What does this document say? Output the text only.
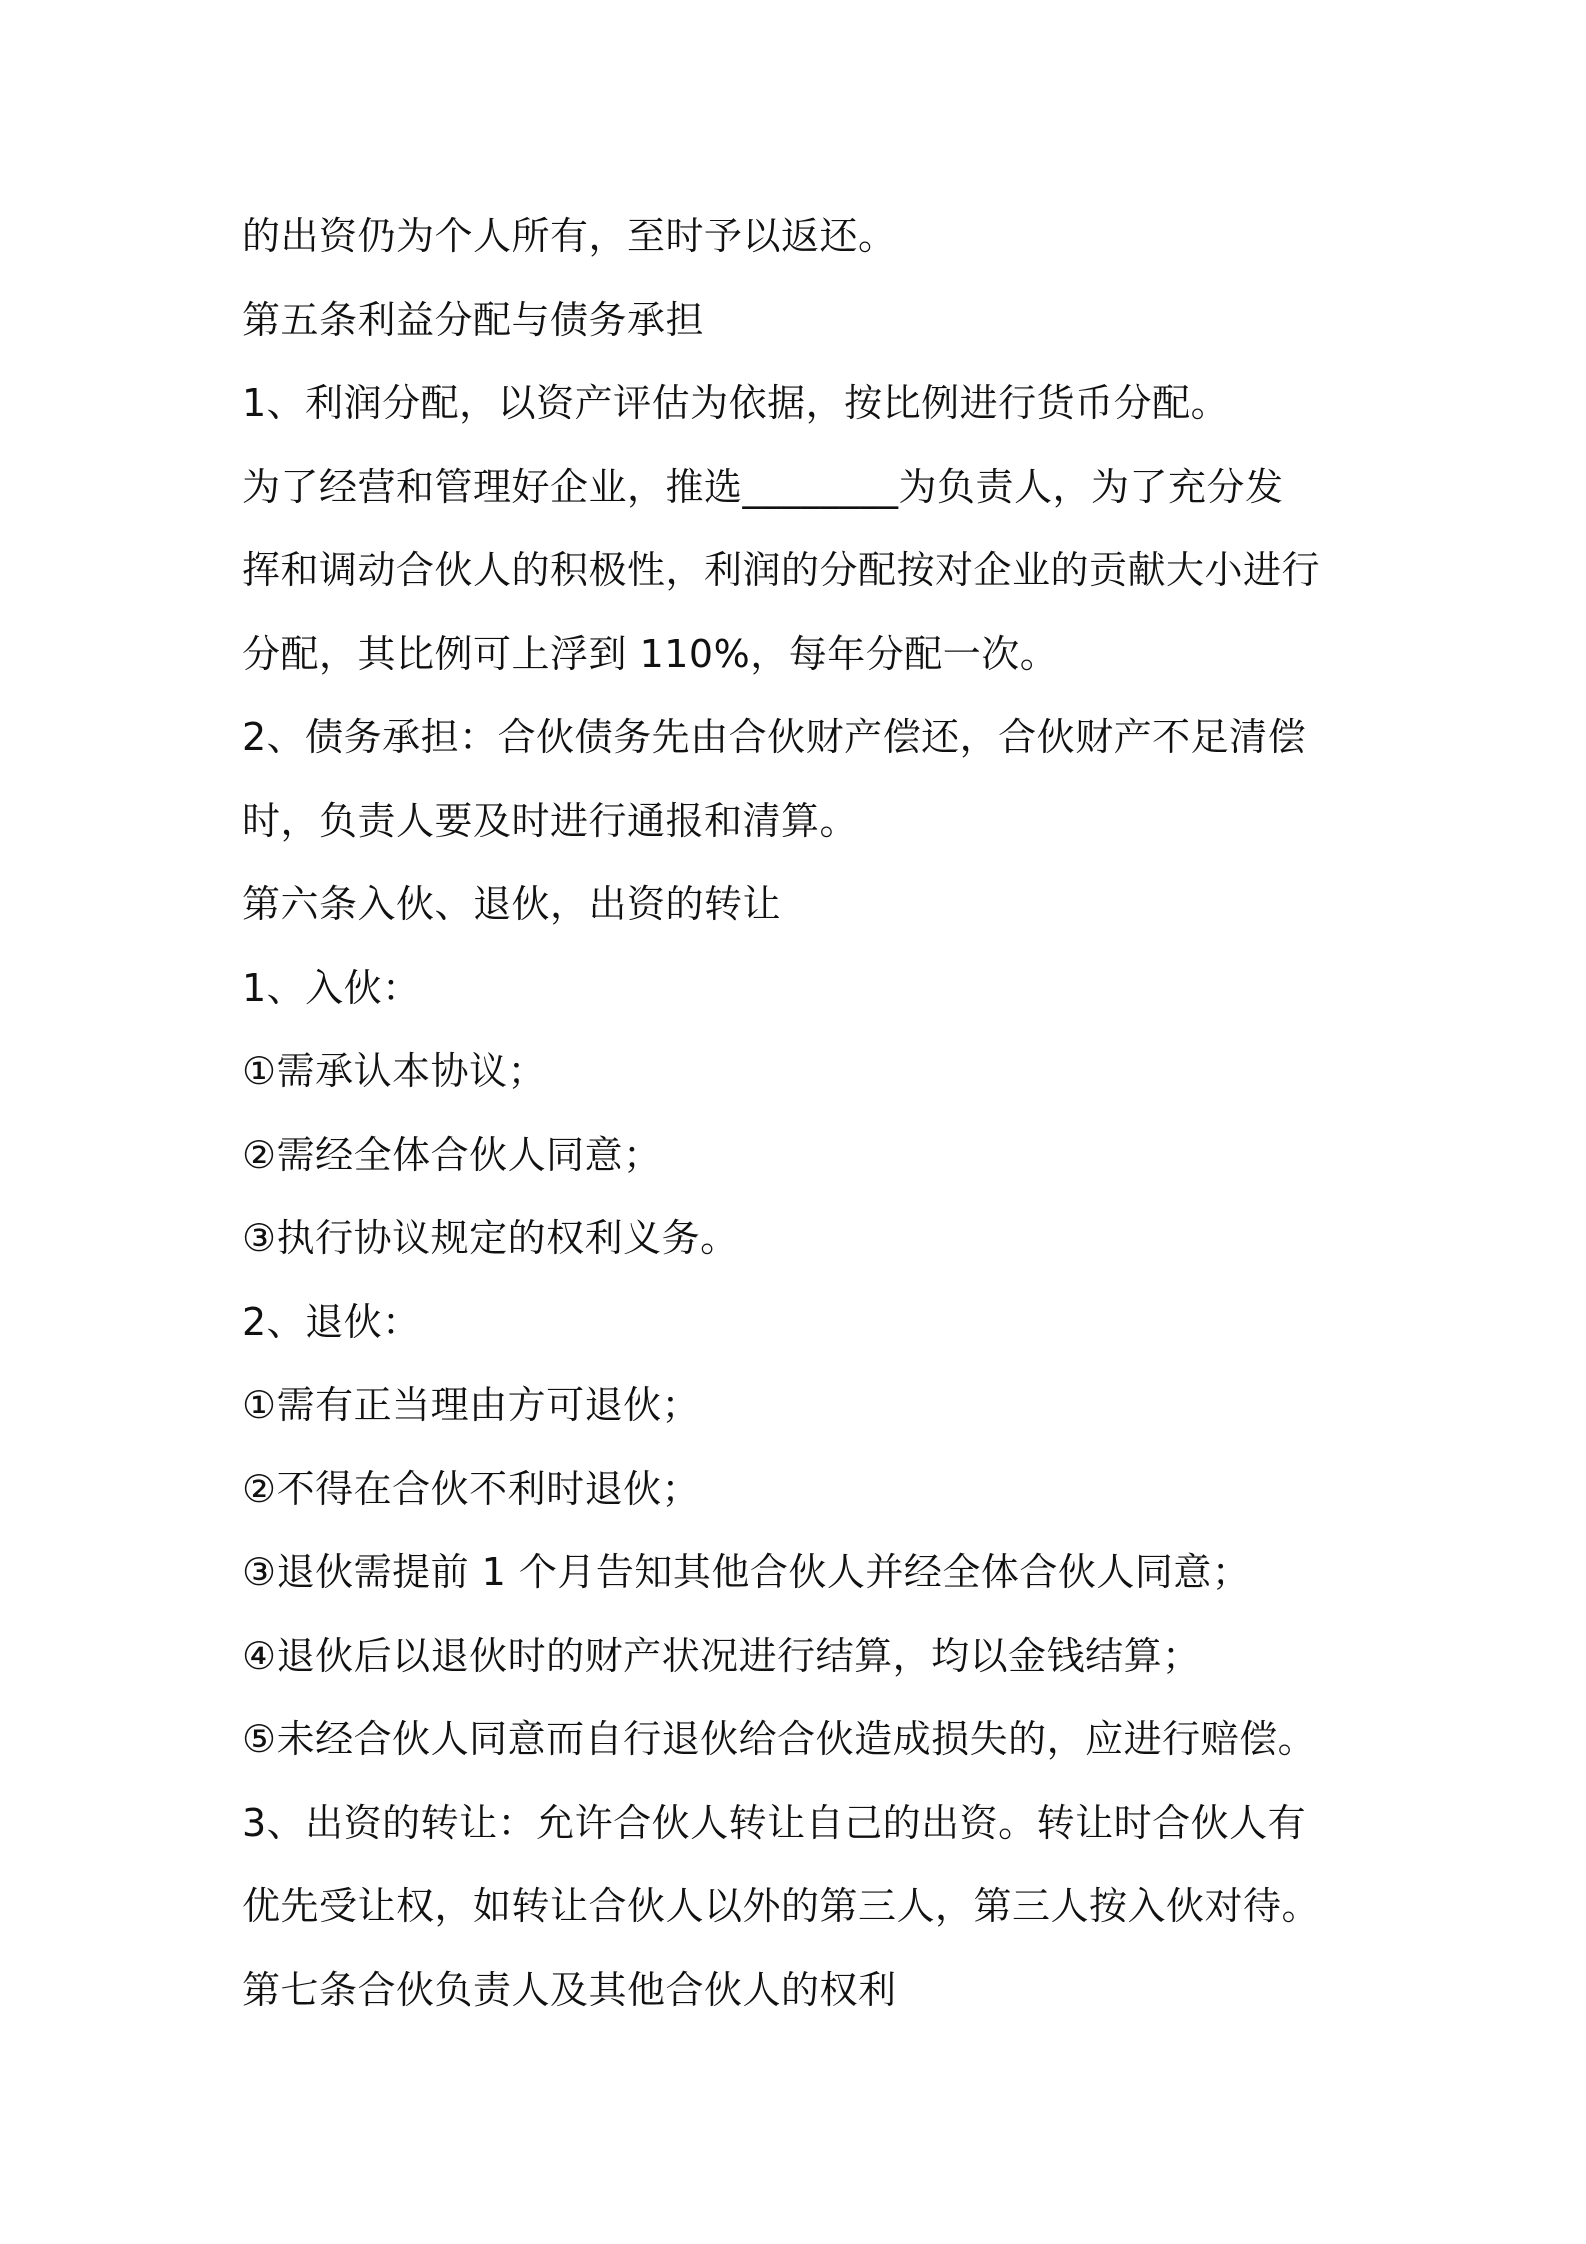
的出资仍为个人所有，至时予以返还。

第五条利益分配与债务承担

1、利润分配，以资产评估为依据，按比例进行货币分配。

为了经营和管理好企业，推选________为负责人，为了充分发

挥和调动合伙人的积极性，利润的分配按对企业的贡献大小进行

分配，其比例可上浮到 110%，每年分配一次。

2、债务承担：合伙债务先由合伙财产偿还，合伙财产不足清偿

时，负责人要及时进行通报和清算。

第六条入伙、退伙，出资的转让

1、入伙：

①需承认本协议；

②需经全体合伙人同意；

③执行协议规定的权利义务。

2、退伙：

①需有正当理由方可退伙；

②不得在合伙不利时退伙；

③退伙需提前 1 个月告知其他合伙人并经全体合伙人同意；

④退伙后以退伙时的财产状况进行结算，均以金钱结算；

⑤未经合伙人同意而自行退伙给合伙造成损失的，应进行赔偿。

3、出资的转让：允许合伙人转让自己的出资。转让时合伙人有

优先受让权，如转让合伙人以外的第三人，第三人按入伙对待。

第七条合伙负责人及其他合伙人的权利
